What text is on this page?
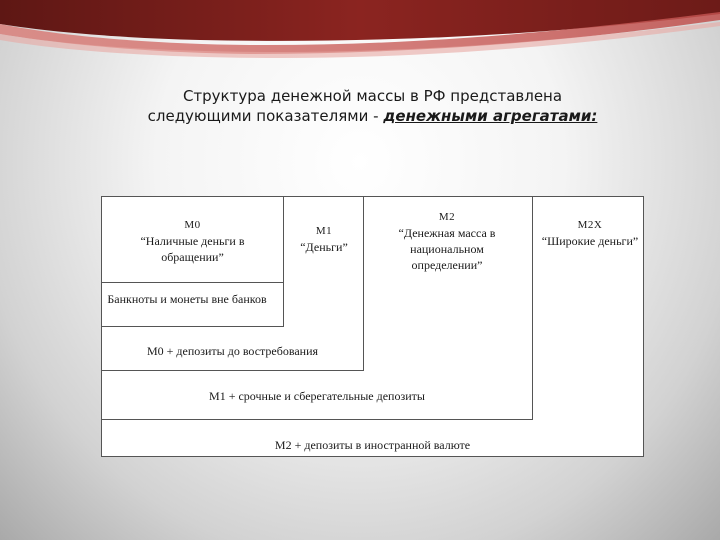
Структура денежной массы в РФ представлена
следующими показателями - денежными агрегатами:
М2 + депозиты в иностранной валюте
М2Х
“Широкие деньги”
М1 + срочные и сберегательные депозиты
М2
“Денежная масса в национальном определении”
М0 + депозиты до востребования
М1
“Деньги”
Банкноты и монеты вне банков
М0
“Наличные деньги в обращении”
